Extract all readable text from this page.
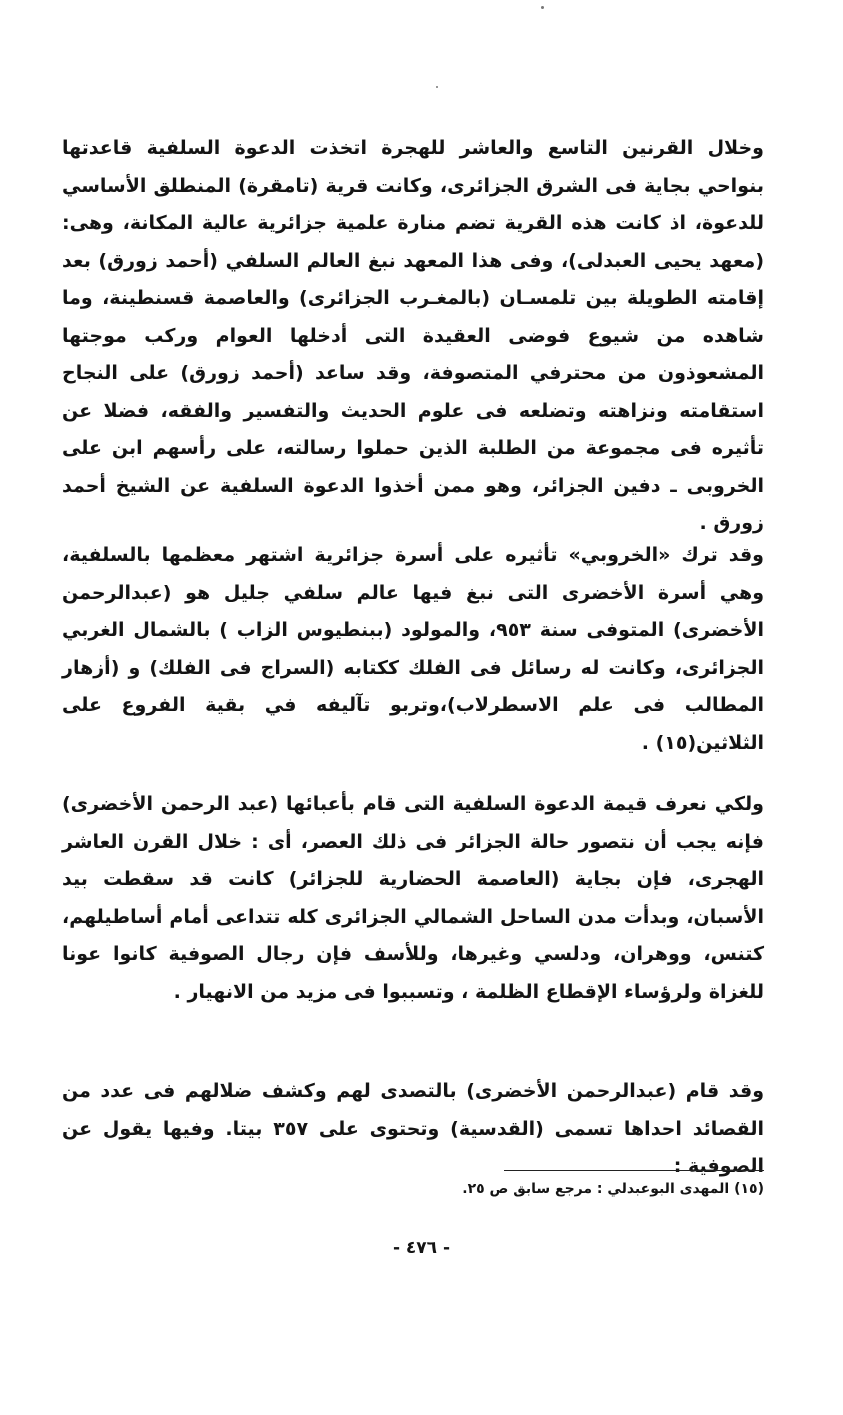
وخلال القرنين التاسع والعاشر للهجرة اتخذت الدعوة السلفية قاعدتها بنواحي بجاية فى الشرق الجزائرى، وكانت قرية (تامقرة) المنطلق الأساسي للدعوة، اذ كانت هذه القرية تضم منارة علمية جزائرية عالية المكانة، وهى: (معهد يحيى العبدلى)، وفى هذا المعهد نبغ العالم السلفي (أحمد زورق) بعد إقامته الطويلة بين تلمسـان (بالمغـرب الجزائرى) والعاصمة قسنطينة، وما شاهده من شيوع فوضى العقيدة التى أدخلها العوام وركب موجتها المشعوذون من محترفي المتصوفة، وقد ساعد (أحمد زورق) على النجاح استقامته ونزاهته وتضلعه فى علوم الحديث والتفسير والفقه، فضلا عن تأثيره فى مجموعة من الطلبة الذين حملوا رسالته، على رأسهم ابن على الخروبى ـ دفين الجزائر، وهو ممن أخذوا الدعوة السلفية عن الشيخ أحمد زورق .

وقد ترك «الخروبي» تأثيره على أسرة جزائرية اشتهر معظمها بالسلفية، وهي أسرة الأخضرى التى نبغ فيها عالم سلفي جليل هو (عبدالرحمن الأخضرى) المتوفى سنة ٩٥٣، والمولود (ببنطيوس الزاب ) بالشمال الغربي الجزائرى، وكانت له رسائل فى الفلك ككتابه (السراج فى الفلك) و (أزهار المطالب فى علم الاسطرلاب)،وتربو تآليفه في بقية الفروع على الثلاثين(١٥) .

ولكي نعرف قيمة الدعوة السلفية التى قام بأعبائها (عبد الرحمن الأخضرى) فإنه يجب أن نتصور حالة الجزائر فى ذلك العصر، أى : خلال القرن العاشر الهجرى، فإن بجاية (العاصمة الحضارية للجزائر) كانت قد سقطت بيد الأسبان، وبدأت مدن الساحل الشمالي الجزائرى كله تتداعى أمام أساطيلهم، كتنس، ووهران، ودلسي وغيرها، وللأسف فإن رجال الصوفية كانوا عونا للغزاة ولرؤساء الإقطاع الظلمة ، وتسببوا فى مزيد من الانهيار .

وقد قام (عبدالرحمن الأخضرى) بالتصدى لهم وكشف ضلالهم فى عدد من القصائد احداها تسمى (القدسية) وتحتوى على ٣٥٧ بيتا. وفيها يقول عن الصوفية :

(١٥) المهدى البوعبدلي : مرجع سابق ص ٢٥.

- ٤٧٦ -
